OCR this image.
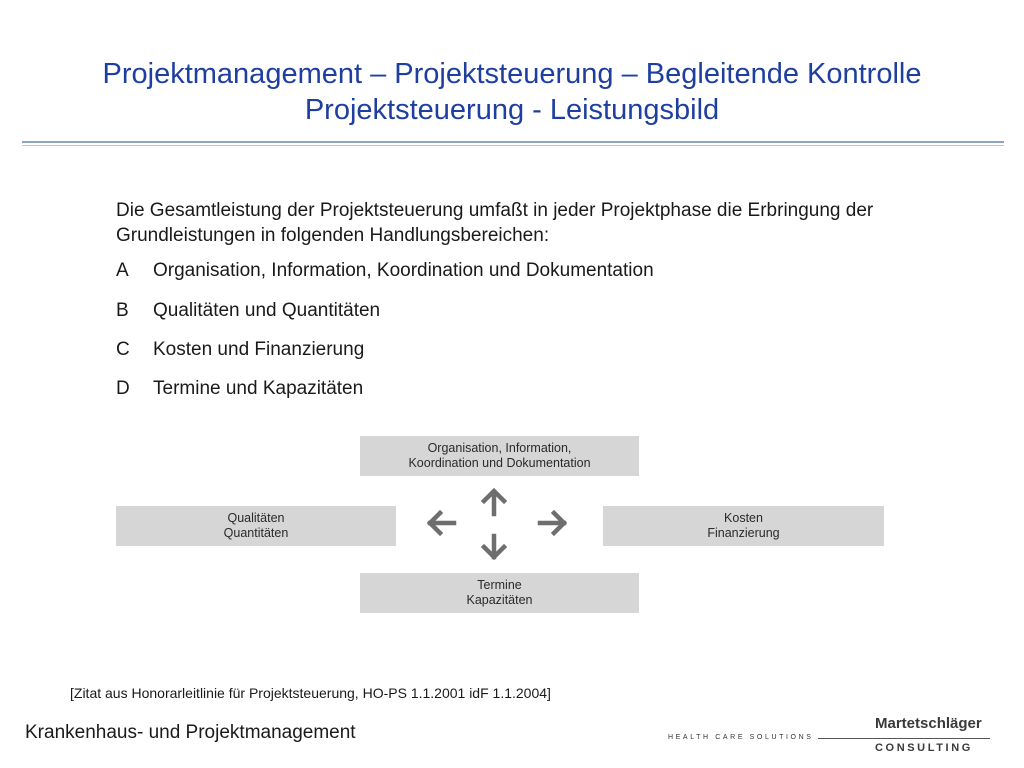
Projektmanagement – Projektsteuerung – Begleitende Kontrolle
Projektsteuerung - Leistungsbild
Die Gesamtleistung der Projektsteuerung umfaßt in jeder Projektphase die Erbringung der Grundleistungen in folgenden Handlungsbereichen:
A Organisation, Information, Koordination und Dokumentation
B Qualitäten und Quantitäten
C Kosten und Finanzierung
D Termine und Kapazitäten
Organisation, Information,
Koordination und Dokumentation
Qualitäten
Quantitäten
Kosten
Finanzierung
Termine
Kapazitäten
[Zitat aus Honorarleitlinie für Projektsteuerung, HO-PS 1.1.2001 idF 1.1.2004]
Krankenhaus- und Projektmanagement	HEALTH CARE SOLUTIONS
Martetschläger
CONSULTING
